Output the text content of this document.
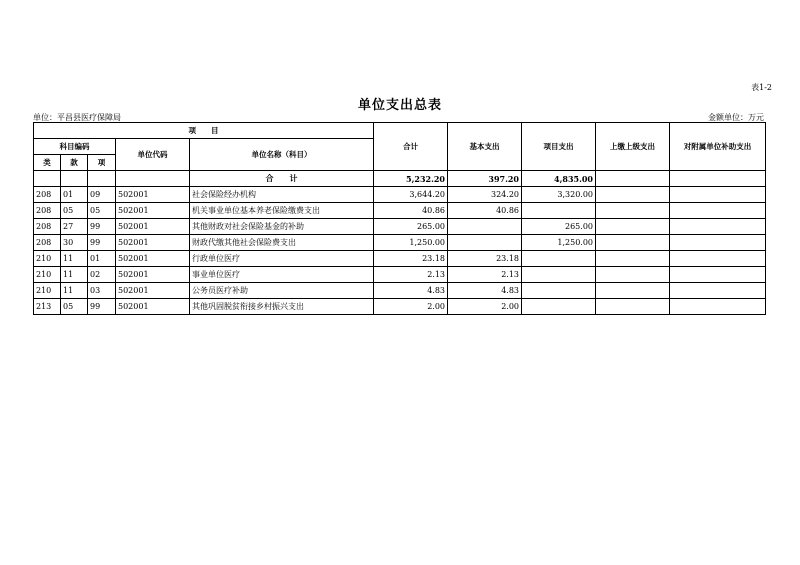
表1-2
单位支出总表
单位：平昌县医疗保障局	金额单位：万元
项　　目					合计	基本支出	项目支出	上缴上级支出	对附属单位补助支出
科目编码			单位代码	单位名称（科目）					
类	款	项							
				合　　计	5,232.20	397.20	4,835.00		
208	01	09	502001	社会保险经办机构	3,644.20	324.20	3,320.00		
208	05	05	502001	机关事业单位基本养老保险缴费支出	40.86	40.86			
208	27	99	502001	其他财政对社会保险基金的补助	265.00		265.00		
208	30	99	502001	财政代缴其他社会保险费支出	1,250.00		1,250.00		
210	11	01	502001	行政单位医疗	23.18	23.18			
210	11	02	502001	事业单位医疗	2.13	2.13			
210	11	03	502001	公务员医疗补助	4.83	4.83			
213	05	99	502001	其他巩固脱贫衔接乡村振兴支出	2.00	2.00			
